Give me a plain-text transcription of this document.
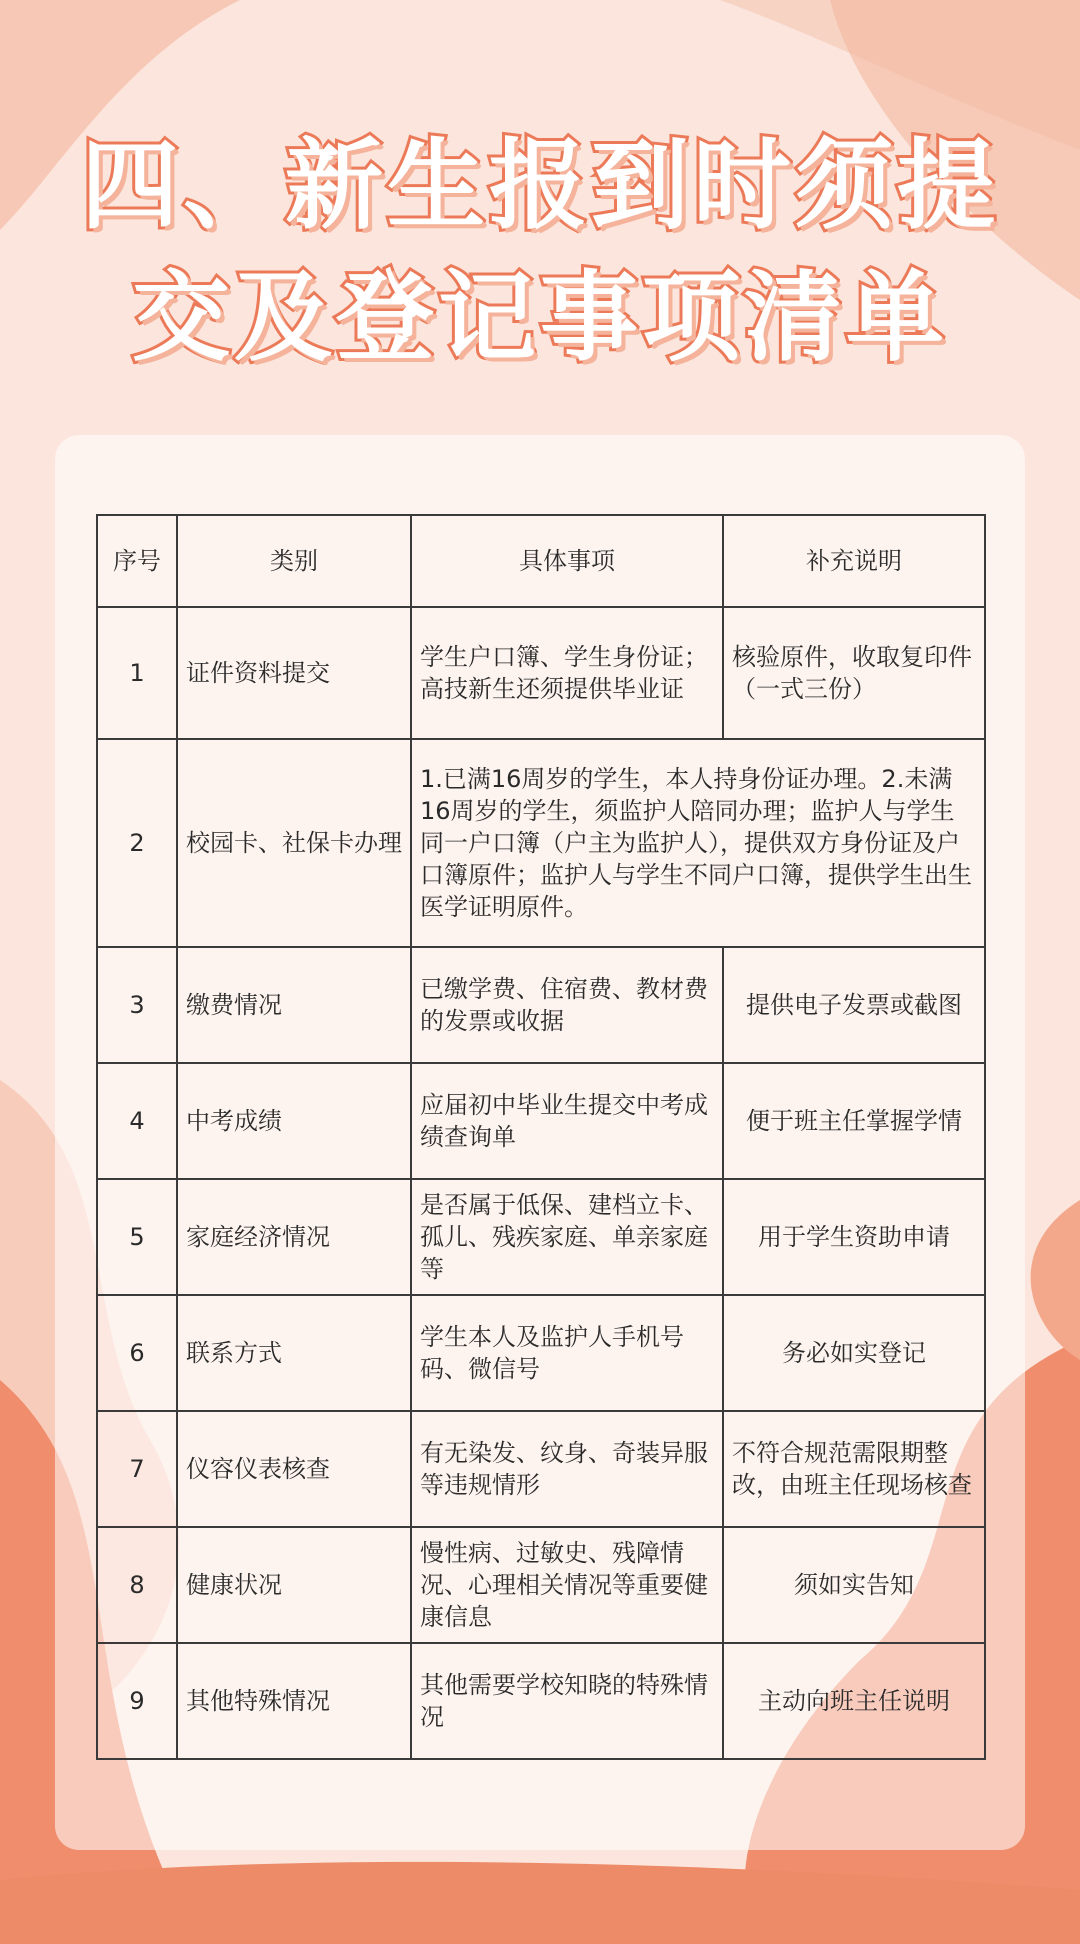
四、新生报到时须提
交及登记事项清单
序号	类别	具体事项	补充说明
1	证件资料提交	学生户口簿、学生身份证；高技新生还须提供毕业证	核验原件，收取复印件（一式三份）
2	校园卡、社保卡办理	1.已满16周岁的学生，本人持身份证办理。2.未满16周岁的学生，须监护人陪同办理；监护人与学生同一户口簿（户主为监护人），提供双方身份证及户口簿原件；监护人与学生不同户口簿，提供学生出生医学证明原件。	
3	缴费情况	已缴学费、住宿费、教材费的发票或收据	提供电子发票或截图
4	中考成绩	应届初中毕业生提交中考成绩查询单	便于班主任掌握学情
5	家庭经济情况	是否属于低保、建档立卡、孤儿、残疾家庭、单亲家庭等	用于学生资助申请
6	联系方式	学生本人及监护人手机号码、微信号	务必如实登记
7	仪容仪表核查	有无染发、纹身、奇装异服等违规情形	不符合规范需限期整改，由班主任现场核查
8	健康状况	慢性病、过敏史、残障情况、心理相关情况等重要健康信息	须如实告知
9	其他特殊情况	其他需要学校知晓的特殊情况	主动向班主任说明
